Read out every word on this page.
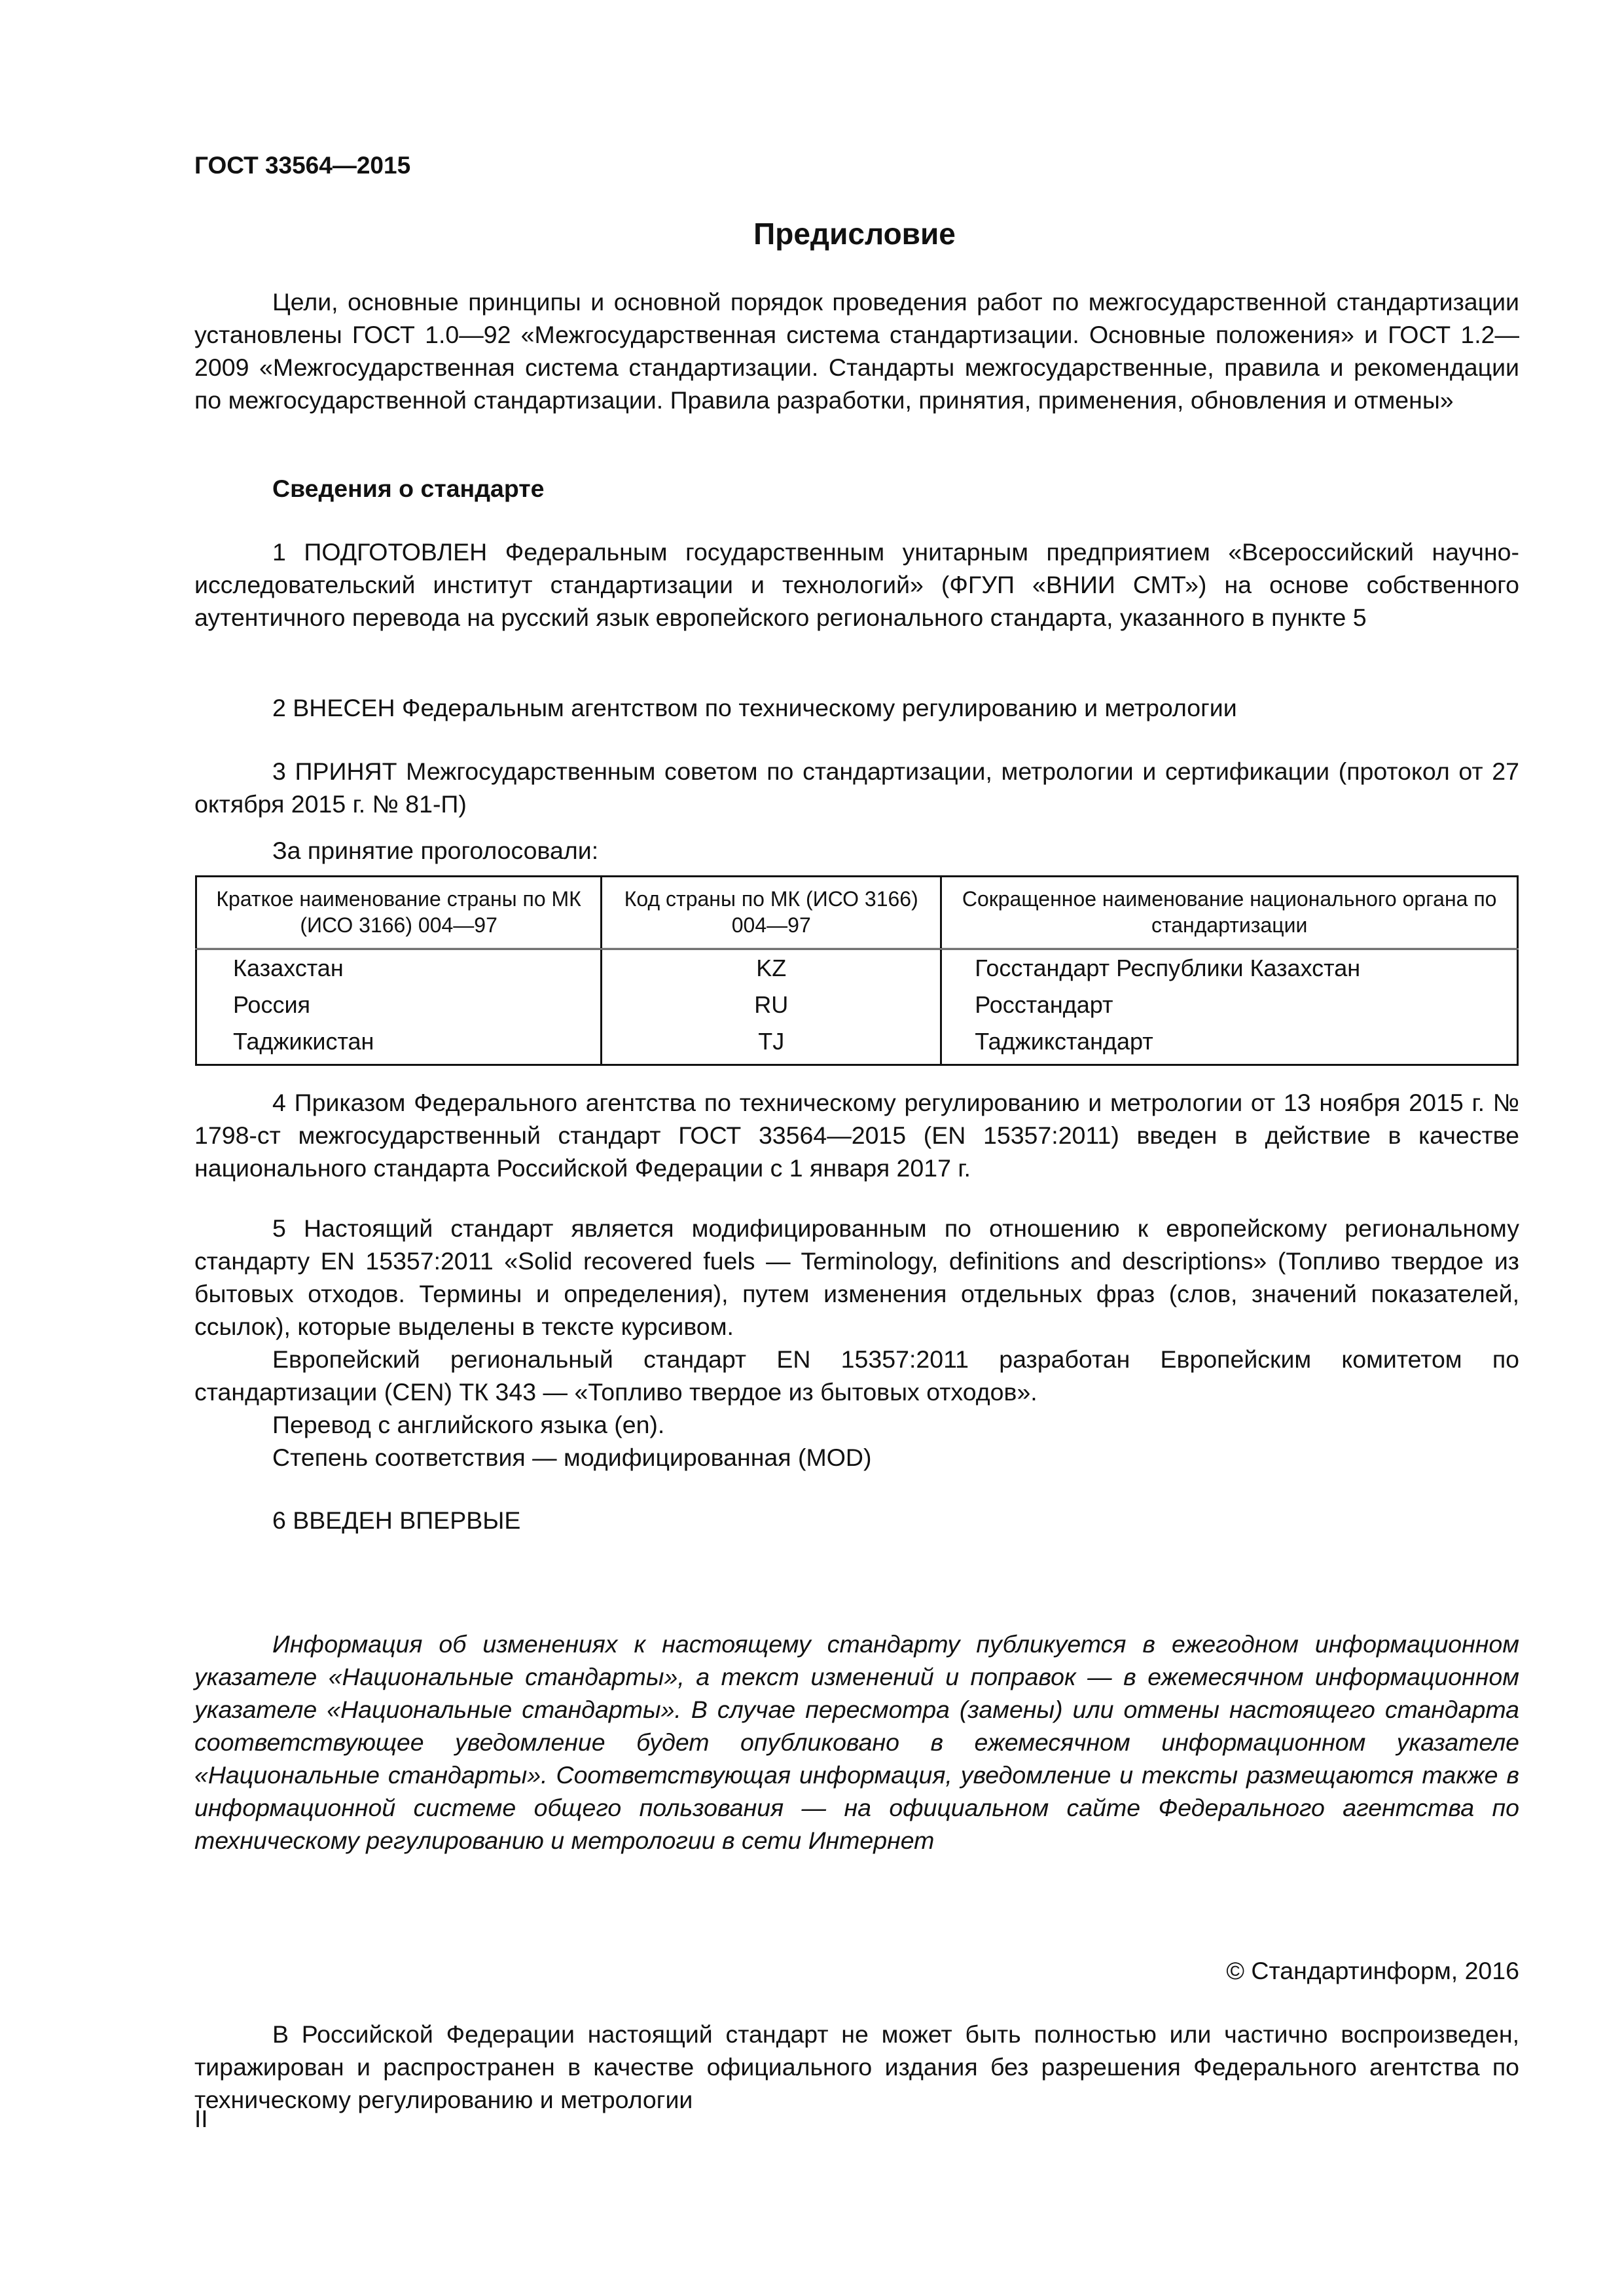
ГОСТ 33564—2015

Предисловие

Цели, основные принципы и основной порядок проведения работ по межгосударственной стандартизации установлены ГОСТ 1.0—92 «Межгосударственная система стандартизации. Основные положения» и ГОСТ 1.2—2009 «Межгосударственная система стандартизации. Стандарты межгосударственные, правила и рекомендации по межгосударственной стандартизации. Правила разработки, принятия, применения, обновления и отмены»

Сведения о стандарте

1 ПОДГОТОВЛЕН Федеральным государственным унитарным предприятием «Всероссийский научно-исследовательский институт стандартизации и технологий» (ФГУП «ВНИИ СМТ») на основе собственного аутентичного перевода на русский язык европейского регионального стандарта, указанного в пункте 5

2 ВНЕСЕН Федеральным агентством по техническому регулированию и метрологии

3 ПРИНЯТ Межгосударственным советом по стандартизации, метрологии и сертификации (протокол от 27 октября 2015 г. № 81-П)

За принятие проголосовали:

Краткое наименование страны по МК (ИСО 3166) 004—97	Код страны по МК (ИСО 3166) 004—97	Сокращенное наименование национального органа по стандартизации

Казахстан	KZ	Госстандарт Республики Казахстан
Россия	RU	Росстандарт
Таджикистан	TJ	Таджикстандарт

4 Приказом Федерального агентства по техническому регулированию и метрологии от 13 ноября 2015 г. № 1798-ст межгосударственный стандарт ГОСТ 33564—2015 (EN 15357:2011) введен в действие в качестве национального стандарта Российской Федерации с 1 января 2017 г.

5 Настоящий стандарт является модифицированным по отношению к европейскому региональному стандарту EN 15357:2011 «Solid recovered fuels — Terminology, definitions and descriptions» (Топливо твердое из бытовых отходов. Термины и определения), путем изменения отдельных фраз (слов, значений показателей, ссылок), которые выделены в тексте курсивом.

Европейский региональный стандарт EN 15357:2011 разработан Европейским комитетом по стандартизации (CEN) ТК 343 — «Топливо твердое из бытовых отходов».

Перевод с английского языка (en).

Степень соответствия — модифицированная (MOD)

6 ВВЕДЕН ВПЕРВЫЕ

Информация об изменениях к настоящему стандарту публикуется в ежегодном информационном указателе «Национальные стандарты», а текст изменений и поправок — в ежемесячном информационном указателе «Национальные стандарты». В случае пересмотра (замены) или отмены настоящего стандарта соответствующее уведомление будет опубликовано в ежемесячном информационном указателе «Национальные стандарты». Соответствующая информация, уведомление и тексты размещаются также в информационной системе общего пользования — на официальном сайте Федерального агентства по техническому регулированию и метрологии в сети Интернет

© Стандартинформ, 2016

В Российской Федерации настоящий стандарт не может быть полностью или частично воспроизведен, тиражирован и распространен в качестве официального издания без разрешения Федерального агентства по техническому регулированию и метрологии

II
